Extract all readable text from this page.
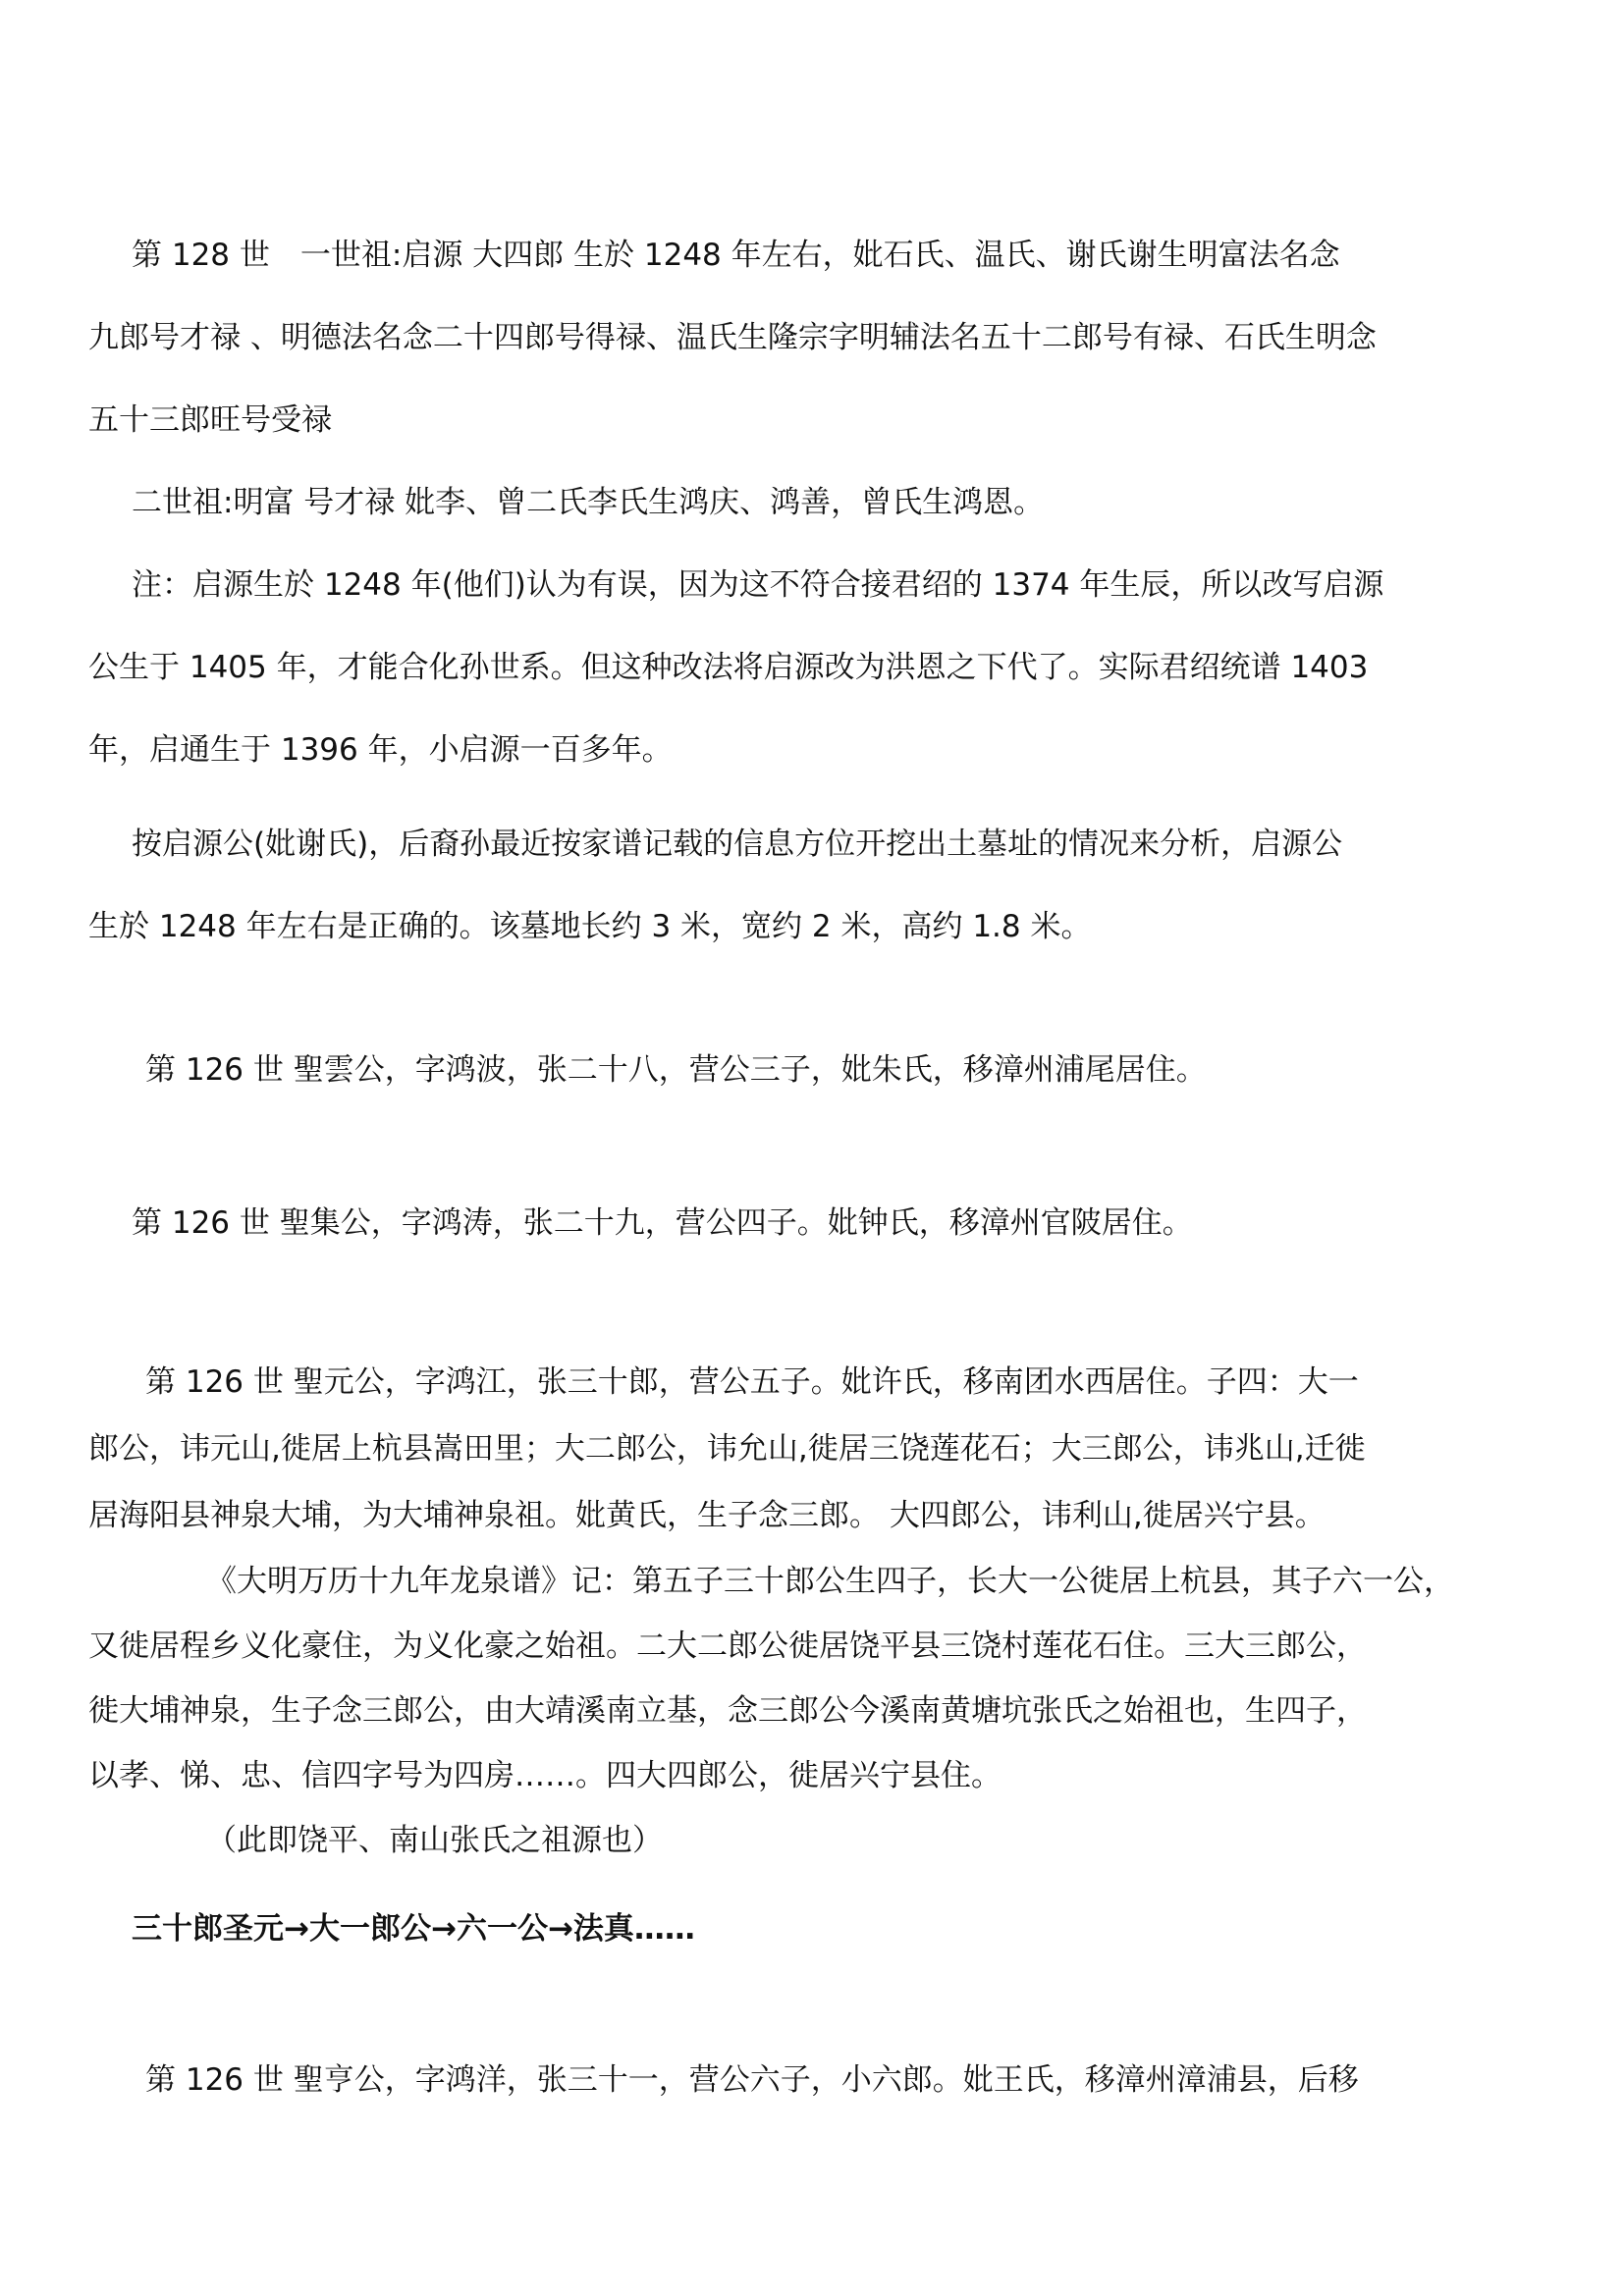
第 128 世　一世祖:启源 大四郎 生於 1248 年左右，妣石氏、温氏、谢氏谢生明富法名念
九郎号才禄 、明德法名念二十四郎号得禄、温氏生隆宗字明辅法名五十二郎号有禄、石氏生明念
五十三郎旺号受禄
二世祖:明富 号才禄 妣李、曾二氏李氏生鸿庆、鸿善，曾氏生鸿恩。
注：启源生於 1248 年(他们)认为有误，因为这不符合接君绍的 1374 年生辰，所以改写启源
公生于 1405 年，才能合化孙世系。但这种改法将启源改为洪恩之下代了。实际君绍统谱 1403
年，启通生于 1396 年，小启源一百多年。
按启源公(妣谢氏)，后裔孙最近按家谱记载的信息方位开挖出土墓址的情况来分析，启源公
生於 1248 年左右是正确的。该墓地长约 3 米，宽约 2 米，高约 1.8 米。
第 126 世 聖雲公，字鸿波，张二十八，营公三子，妣朱氏，移漳州浦尾居住。
第 126 世 聖集公，字鸿涛，张二十九，营公四子。妣钟氏，移漳州官陂居住。
第 126 世 聖元公，字鸿江，张三十郎，营公五子。妣许氏，移南团水西居住。子四：大一
郎公，讳元山,徙居上杭县嵩田里；大二郎公，讳允山,徙居三饶莲花石；大三郎公，讳兆山,迁徙
居海阳县神泉大埔，为大埔神泉祖。妣黄氏，生子念三郎。 大四郎公，讳利山,徙居兴宁县。
《大明万历十九年龙泉谱》记：第五子三十郎公生四子，长大一公徙居上杭县，其子六一公，
又徙居程乡义化豪住，为义化豪之始祖。二大二郎公徙居饶平县三饶村莲花石住。三大三郎公，
徙大埔神泉，生子念三郎公，由大靖溪南立基，念三郎公今溪南黄塘坑张氏之始祖也，生四子，
以孝、悌、忠、信四字号为四房……。四大四郎公，徙居兴宁县住。
（此即饶平、南山张氏之祖源也）
三十郎圣元→大一郎公→六一公→法真……
第 126 世 聖亨公，字鸿洋，张三十一，营公六子，小六郎。妣王氏，移漳州漳浦县，后移
